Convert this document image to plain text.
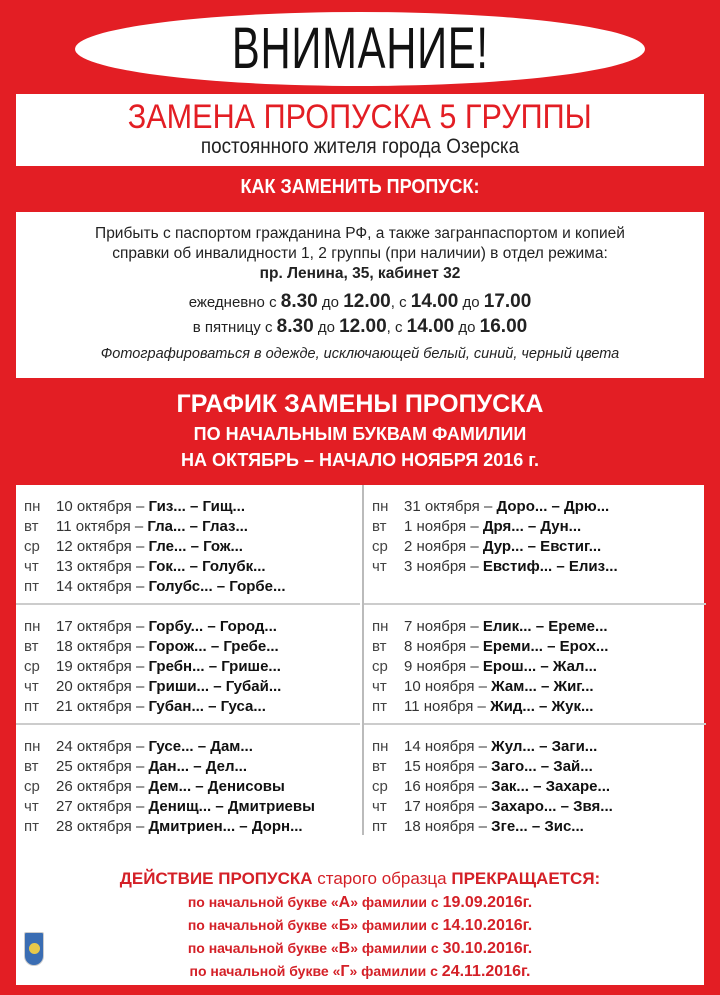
ВНИМАНИЕ!
ЗАМЕНА ПРОПУСКА 5 ГРУППЫ
постоянного жителя города Озерска
КАК ЗАМЕНИТЬ ПРОПУСК:
Прибыть с паспортом гражданина РФ, а также загранпаспортом и копией
справки об инвалидности 1, 2 группы (при наличии) в отдел режима:
пр. Ленина, 35, кабинет 32
ежедневно с 8.30 до 12.00, с 14.00 до 17.00
в пятницу с 8.30 до 12.00, с 14.00 до 16.00
Фотографироваться в одежде, исключающей белый, синий, черный цвета
ГРАФИК ЗАМЕНЫ ПРОПУСКА
ПО НАЧАЛЬНЫМ БУКВАМ ФАМИЛИИ
НА ОКТЯБРЬ – НАЧАЛО НОЯБРЯ 2016 г.
пн 10 октября – Гиз... – Гищ...
вт 11 октября – Гла... – Глаз...
ср 12 октября – Гле... – Гож...
чт 13 октября – Гок... – Голубк...
пт 14 октября – Голубс... – Горбе...
пн 17 октября – Горбу... – Город...
вт 18 октября – Горож... – Гребе...
ср 19 октября – Гребн... – Грише...
чт 20 октября – Гриши... – Губай...
пт 21 октября – Губан... – Гуса...
пн 24 октября – Гусе... – Дам...
вт 25 октября – Дан... – Дел...
ср 26 октября – Дем... – Денисовы
чт 27 октября – Денищ... – Дмитриевы
пт 28 октября – Дмитриен... – Дорн...
пн 31 октября – Доро... – Дрю...
вт 1 ноября – Дря... – Дун...
ср 2 ноября – Дур... – Евстиг...
чт 3 ноября – Евстиф... – Елиз...
пн 7 ноября – Елик... – Ереме...
вт 8 ноября – Ереми... – Ерох...
ср 9 ноября – Ерош... – Жал...
чт 10 ноября – Жам... – Жиг...
пт 11 ноября – Жид... – Жук...
пн 14 ноября – Жул... – Заги...
вт 15 ноября – Заго... – Зай...
ср 16 ноября – Зак... – Захаре...
чт 17 ноября – Захаро... – Звя...
пт 18 ноября – Зге... – Зис...
ДЕЙСТВИЕ ПРОПУСКА старого образца ПРЕКРАЩАЕТСЯ:
по начальной букве «А» фамилии с 19.09.2016г.
по начальной букве «Б» фамилии с 14.10.2016г.
по начальной букве «В» фамилии с 30.10.2016г.
по начальной букве «Г» фамилии с 24.11.2016г.
